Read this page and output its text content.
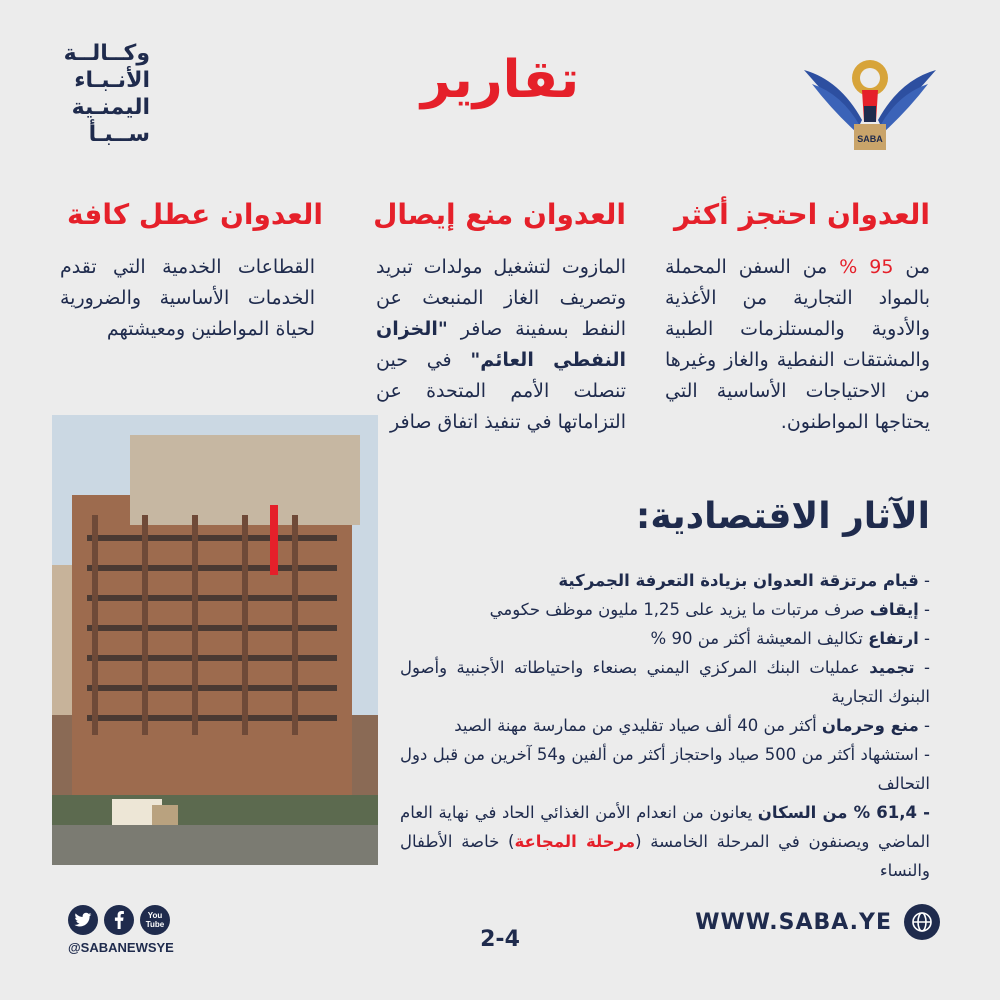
تقارير
وكــالــة
الأنـبـاء
اليمنـية
ســبـأ	SABA
العدوان احتجز أكثر
من 95 % من السفن المحملة بالمواد التجارية من الأغذية والأدوية والمستلزمات الطبية والمشتقات النفطية والغاز وغيرها من الاحتياجات الأساسية التي يحتاجها المواطنون.
العدوان منع إيصال
المازوت لتشغيل مولدات تبريد وتصريف الغاز المنبعث عن النفط بسفينة صافر "الخزان النفطي العائم" في حين تنصلت الأمم المتحدة عن التزاماتها في تنفيذ اتفاق صافر
العدوان عطل كافة
القطاعات الخدمية التي تقدم الخدمات الأساسية والضرورية لحياة المواطنين ومعيشتهم
الآثار الاقتصادية:
- قيام مرتزقة العدوان بزيادة التعرفة الجمركية
- إيقاف صرف مرتبات ما يزيد على 1,25 مليون موظف حكومي
- ارتفاع تكاليف المعيشة أكثر من 90 %
- تجميد عمليات البنك المركزي اليمني بصنعاء واحتياطاته الأجنبية وأصول البنوك التجارية
- منع وحرمان أكثر من 40 ألف صياد تقليدي من ممارسة مهنة الصيد
- استشهاد أكثر من 500 صياد واحتجاز أكثر من ألفين و54 آخرين من قبل دول التحالف
- 61,4 % من السكان يعانون من انعدام الأمن الغذائي الحاد في نهاية العام الماضي ويصنفون في المرحلة الخامسة (مرحلة المجاعة) خاصة الأطفال والنساء
WWW.SABA.YE
2-4
You
Tube
@SABANEWSYE
